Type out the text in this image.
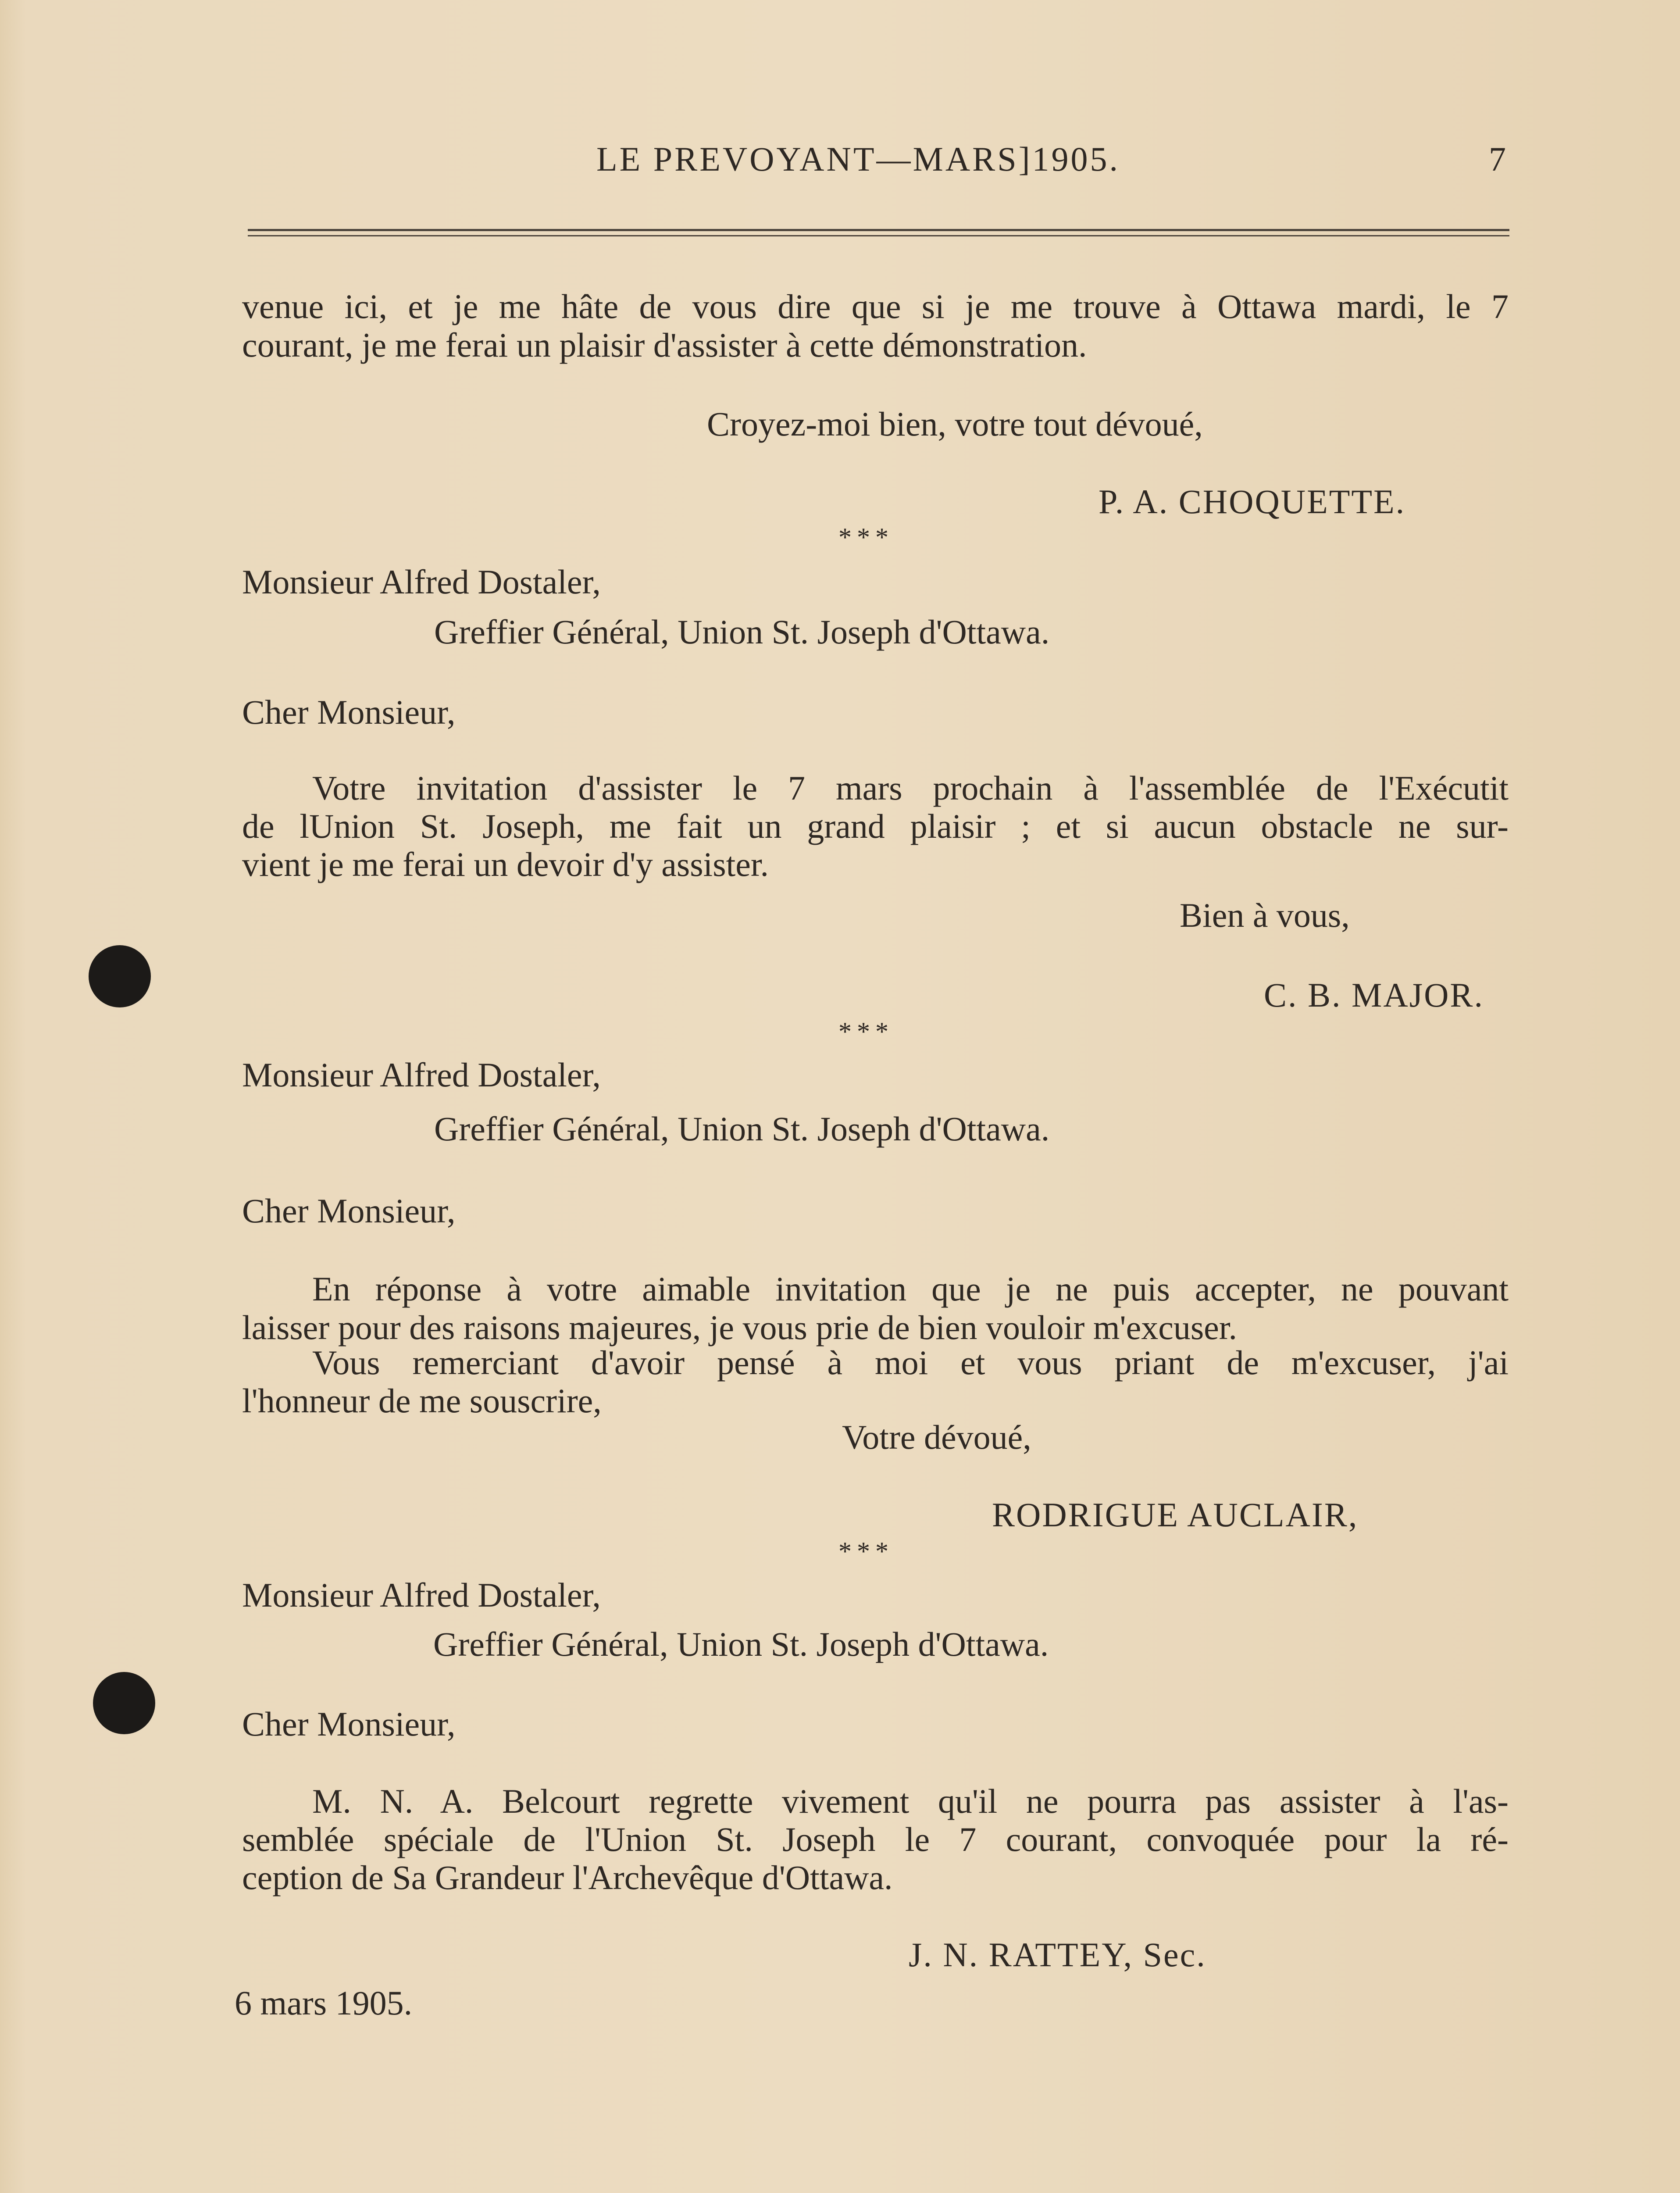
LE PREVOYANT—MARS]1905.	7
venue ici, et je me hâte de vous dire que si je me trouve à Ottawa mardi, le 7
courant, je me ferai un plaisir d'assister à cette démonstration.
Croyez-moi bien, votre tout dévoué,
P. A. CHOQUETTE.
***
Monsieur Alfred Dostaler,
Greffier Général, Union St. Joseph d'Ottawa.
Cher Monsieur,
Votre invitation d'assister le 7 mars prochain à l'assemblée de l'Exécutit
de lUnion St. Joseph, me fait un grand plaisir ; et si aucun obstacle ne sur-
vient je me ferai un devoir d'y assister.
Bien à vous,
C. B. MAJOR.
***
Monsieur Alfred Dostaler,
Greffier Général, Union St. Joseph d'Ottawa.
Cher Monsieur,
En réponse à votre aimable invitation que je ne puis accepter, ne pouvant
laisser pour des raisons majeures, je vous prie de bien vouloir m'excuser.
Vous remerciant d'avoir pensé à moi et vous priant de m'excuser, j'ai
l'honneur de me souscrire,
Votre dévoué,
RODRIGUE AUCLAIR,
***
Monsieur Alfred Dostaler,
Greffier Général, Union St. Joseph d'Ottawa.
Cher Monsieur,
M. N. A. Belcourt regrette vivement qu'il ne pourra pas assister à l'as-
semblée spéciale de l'Union St. Joseph le 7 courant, convoquée pour la ré-
ception de Sa Grandeur l'Archevêque d'Ottawa.
J. N. RATTEY, Sec.
6 mars 1905.
